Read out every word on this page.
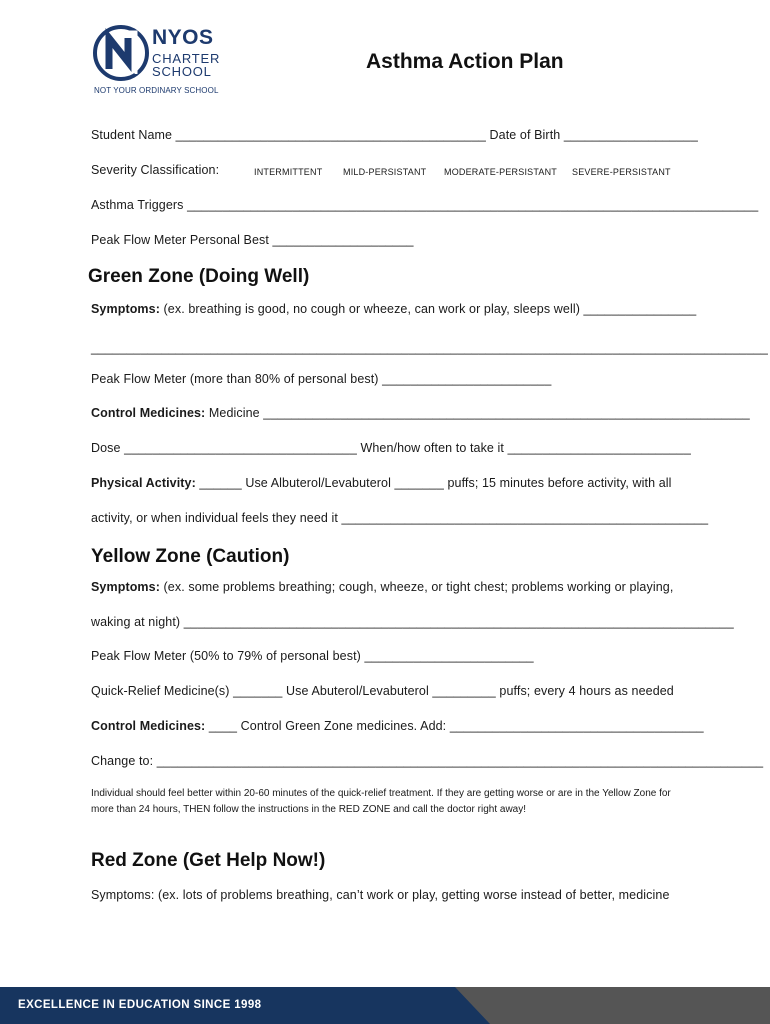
NYOS
CHARTER
SCHOOL
NOT YOUR ORDINARY SCHOOL
Asthma Action Plan
Student Name ____________________________________________ Date of Birth ___________________
Severity Classification:	INTERMITTENT MILD-PERSISTANT MODERATE-PERSISTANT SEVERE-PERSISTANT
Asthma Triggers _________________________________________________________________________________
Peak Flow Meter Personal Best ____________________
Green Zone (Doing Well)
Symptoms: (ex. breathing is good, no cough or wheeze, can work or play, sleeps well) ________________
________________________________________________________________________________________________
Peak Flow Meter (more than 80% of personal best) ________________________
Control Medicines: Medicine _____________________________________________________________________
Dose _________________________________ When/how often to take it __________________________
Physical Activity: ______ Use Albuterol/Levabuterol _______ puffs; 15 minutes before activity, with all
activity, or when individual feels they need it ____________________________________________________
Yellow Zone (Caution)
Symptoms: (ex. some problems breathing; cough, wheeze, or tight chest; problems working or playing,
waking at night) ______________________________________________________________________________
Peak Flow Meter (50% to 79% of personal best) ________________________
Quick-Relief Medicine(s) _______ Use Abuterol/Levabuterol _________ puffs; every 4 hours as needed
Control Medicines: ____ Control Green Zone medicines. Add: ____________________________________
Change to: ______________________________________________________________________________________
Individual should feel better within 20-60 minutes of the quick-relief treatment. If they are getting worse or are in the Yellow Zone for more than 24 hours, THEN follow the instructions in the RED ZONE and call the doctor right away!
Red Zone (Get Help Now!)
Symptoms: (ex. lots of problems breathing, can’t work or play, getting worse instead of better, medicine
EXCELLENCE IN EDUCATION SINCE 1998
